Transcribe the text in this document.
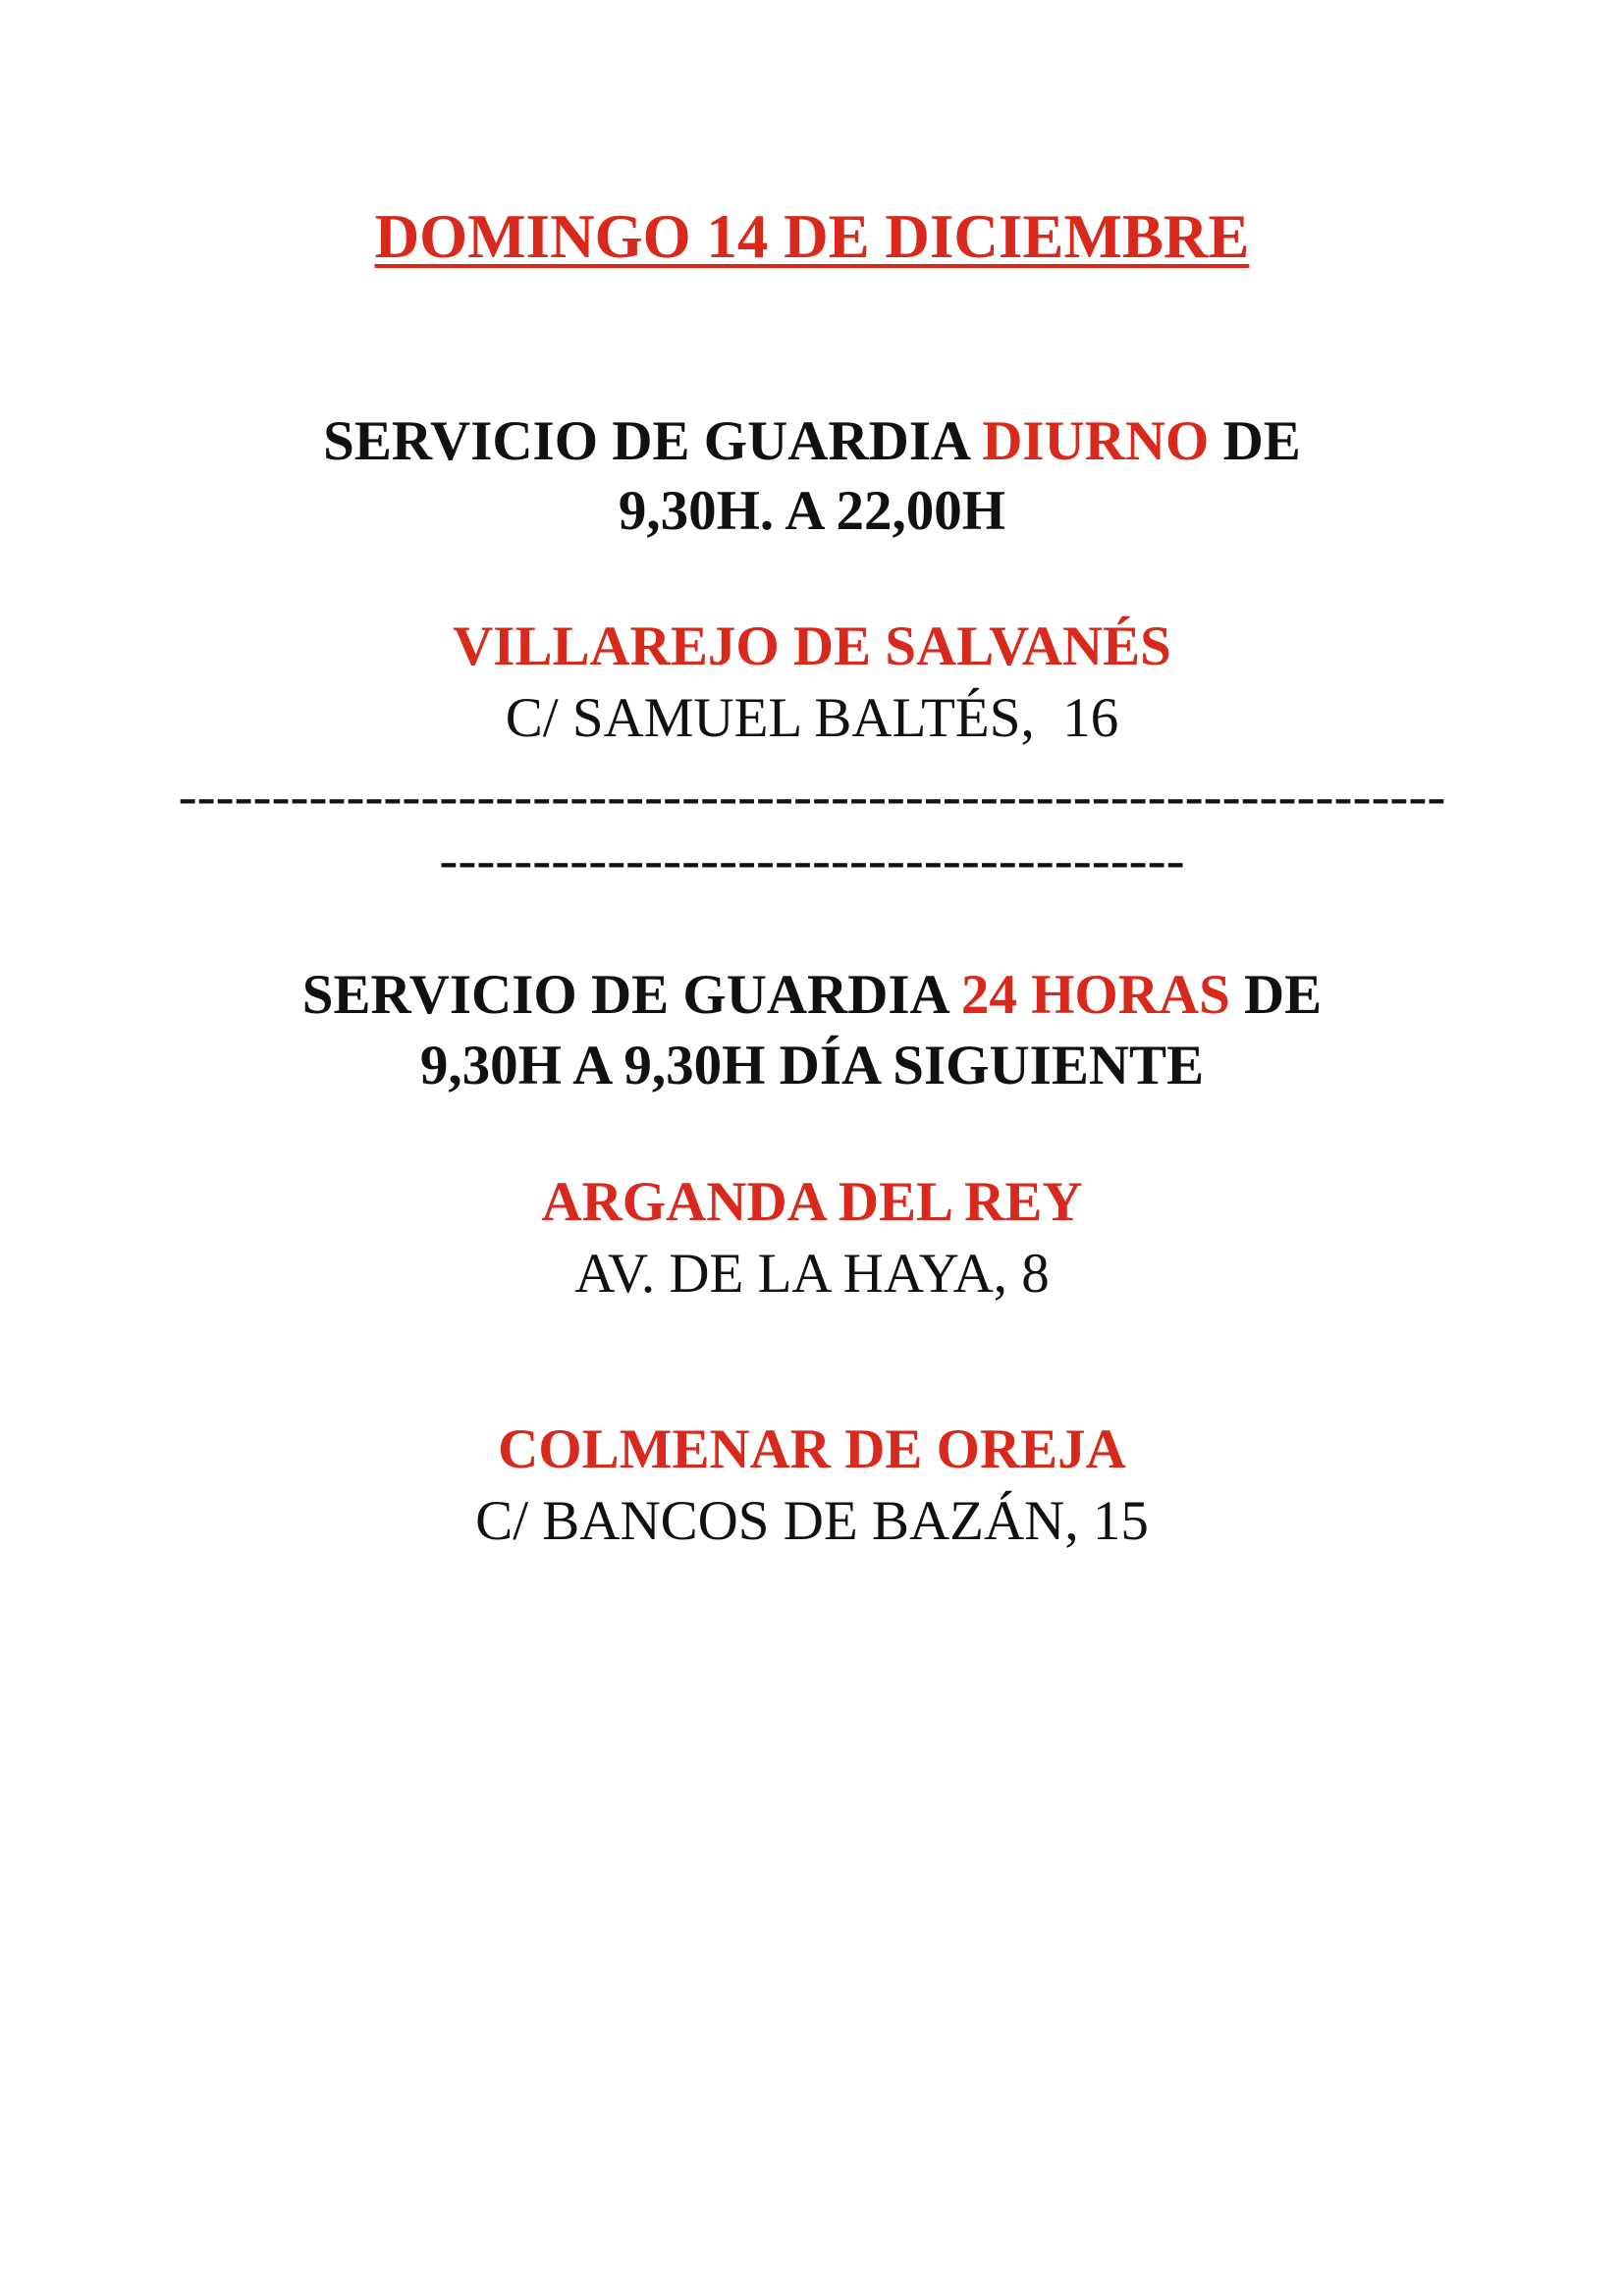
DOMINGO 14 DE DICIEMBRE
SERVICIO DE GUARDIA DIURNO DE
9,30H. A 22,00H
VILLAREJO DE SALVANÉS
C/ SAMUEL BALTÉS,  16
--------------------------------------------------------------------
----------------------------------------
SERVICIO DE GUARDIA 24 HORAS DE
9,30H A 9,30H DÍA SIGUIENTE
ARGANDA DEL REY
AV. DE LA HAYA, 8
COLMENAR DE OREJA
C/ BANCOS DE BAZÁN, 15
